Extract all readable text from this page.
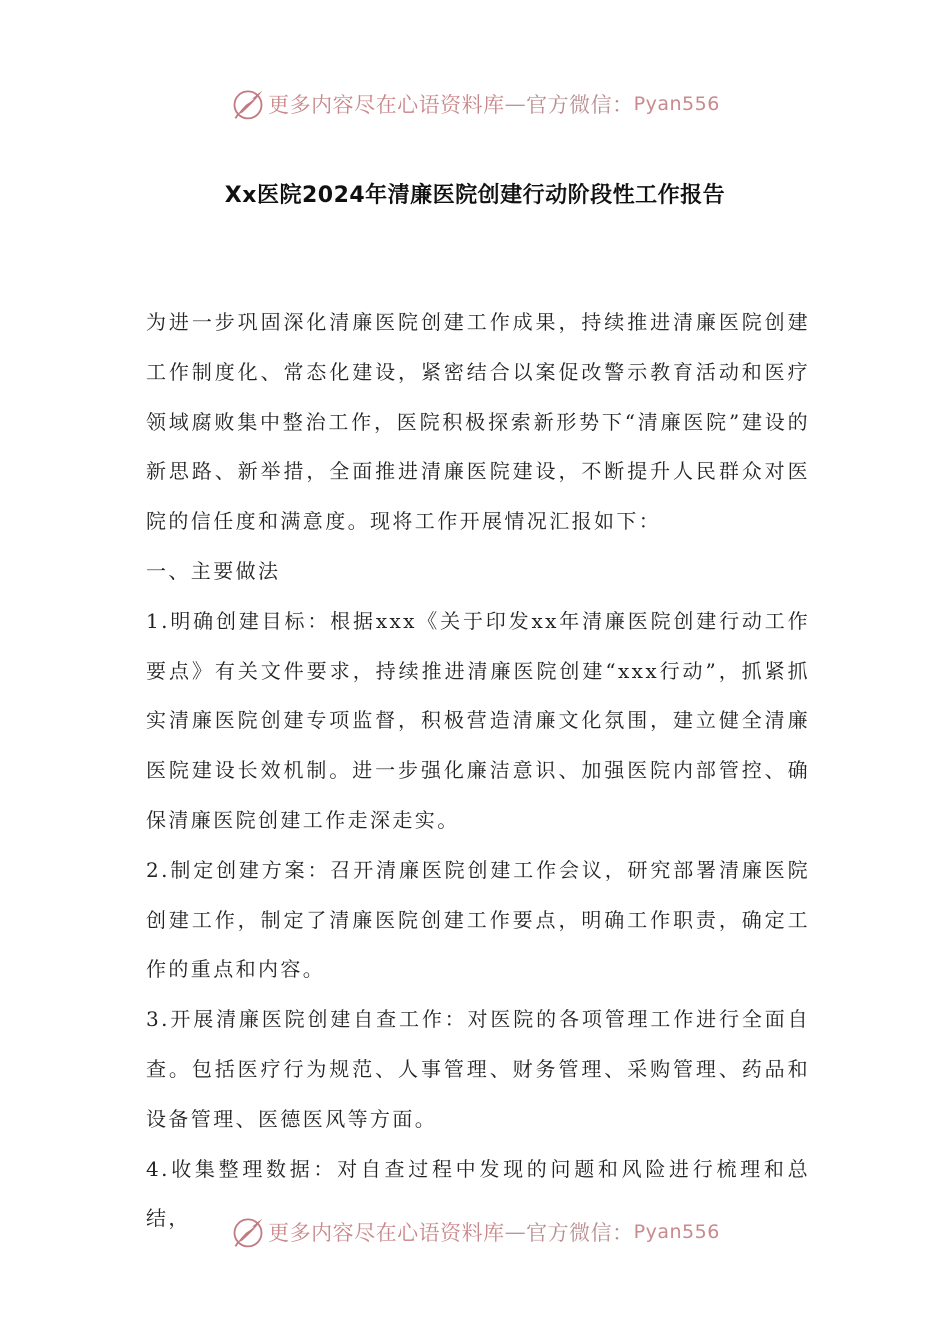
更多内容尽在心语资料库 — 官方微信： Pyan556
Xx医院2024年清廉医院创建行动阶段性工作报告

为进一步巩固深化清廉医院创建工作成果，持续推进清廉医院创建工作制度化、常态化建设，紧密结合以案促改警示教育活动和医疗领域腐败集中整治工作，医院积极探索新形势下“清廉医院”建设的新思路、新举措，全面推进清廉医院建设，不断提升人民群众对医院的信任度和满意度。现将工作开展情况汇报如下：

一、主要做法

1.明确创建目标：根据xxx《关于印发xx年清廉医院创建行动工作要点》有关文件要求，持续推进清廉医院创建“xxx行动”，抓紧抓实清廉医院创建专项监督，积极营造清廉文化氛围，建立健全清廉医院建设长效机制。进一步强化廉洁意识、加强医院内部管控、确保清廉医院创建工作走深走实。

2.制定创建方案：召开清廉医院创建工作会议，研究部署清廉医院创建工作，制定了清廉医院创建工作要点，明确工作职责，确定工作的重点和内容。

3.开展清廉医院创建自查工作：对医院的各项管理工作进行全面自查。包括医疗行为规范、人事管理、财务管理、采购管理、药品和设备管理、医德医风等方面。

4.收集整理数据：对自查过程中发现的问题和风险进行梳理和总结，

更多内容尽在心语资料库 — 官方微信： Pyan556
